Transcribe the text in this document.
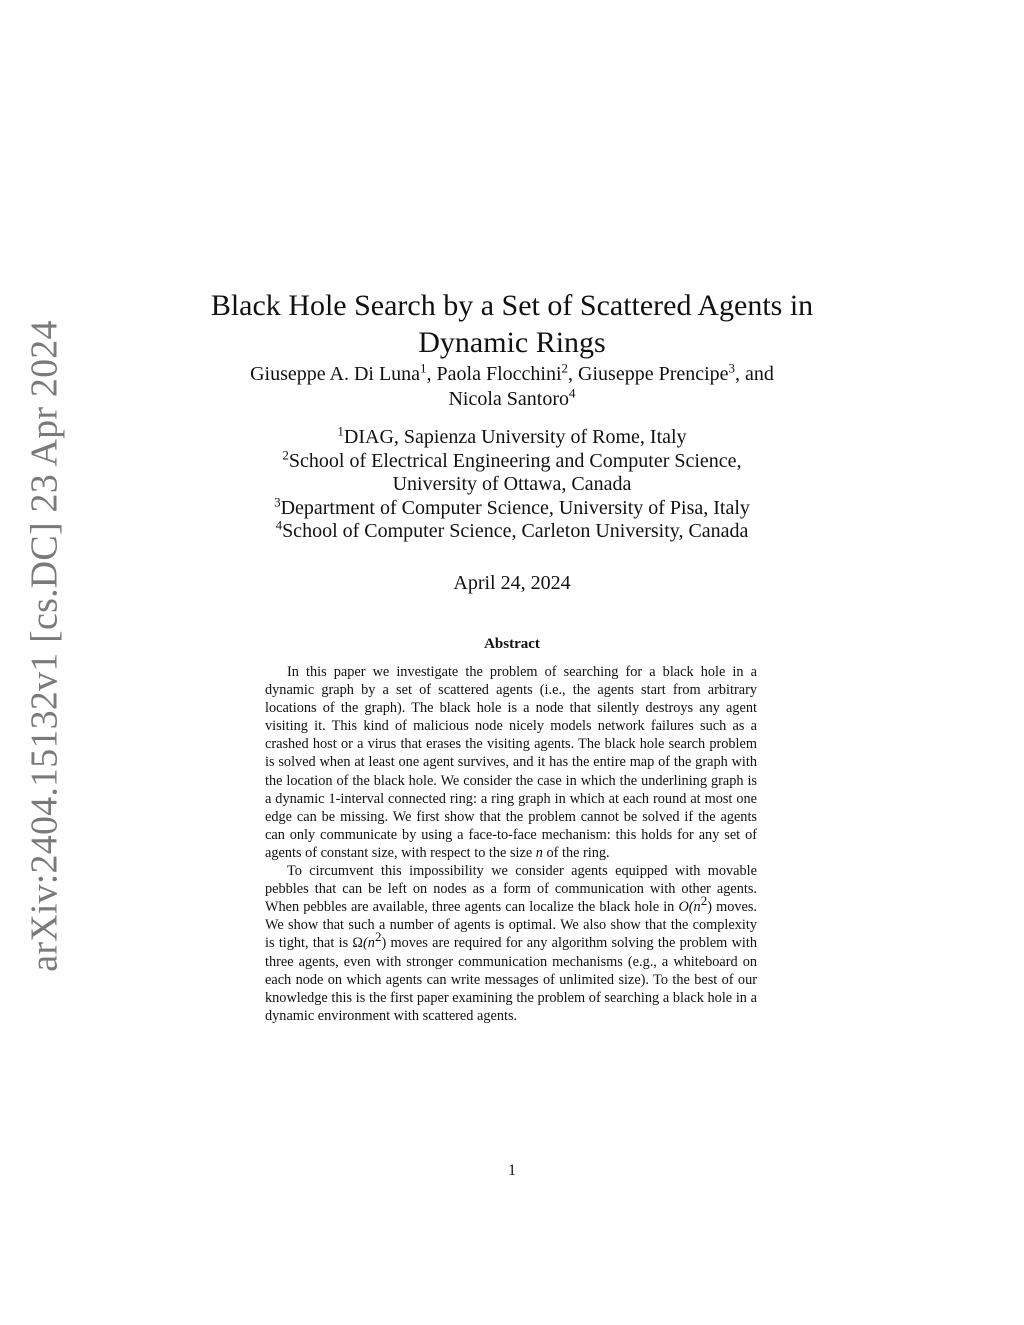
arXiv:2404.15132v1 [cs.DC] 23 Apr 2024
Black Hole Search by a Set of Scattered Agents in
Dynamic Rings
Giuseppe A. Di Luna$^1$, Paola Flocchini$^2$, Giuseppe Prencipe$^3$, and
Nicola Santoro$^4$
$^1$DIAG, Sapienza University of Rome, Italy
$^2$School of Electrical Engineering and Computer Science,
University of Ottawa, Canada
$^3$Department of Computer Science, University of Pisa, Italy
$^4$School of Computer Science, Carleton University, Canada
April 24, 2024
Abstract

In this paper we investigate the problem of searching for a black hole in a dynamic graph by a set of scattered agents (i.e., the agents start from arbitrary locations of the graph). The black hole is a node that silently destroys any agent visiting it. This kind of malicious node nicely models network failures such as a crashed host or a virus that erases the visiting agents. The black hole search problem is solved when at least one agent survives, and it has the entire map of the graph with the location of the black hole. We consider the case in which the underlining graph is a dynamic 1-interval connected ring: a ring graph in which at each round at most one edge can be missing. We first show that the problem cannot be solved if the agents can only communicate by using a face-to-face mechanism: this holds for any set of agents of constant size, with respect to the size n of the ring.

To circumvent this impossibility we consider agents equipped with movable pebbles that can be left on nodes as a form of communication with other agents. When pebbles are available, three agents can localize the black hole in $O(n^2)$ moves. We show that such a number of agents is optimal. We also show that the complexity is tight, that is $\Omega(n^2)$ moves are required for any algorithm solving the problem with three agents, even with stronger communication mechanisms (e.g., a whiteboard on each node on which agents can write messages of unlimited size). To the best of our knowledge this is the first paper examining the problem of searching a black hole in a dynamic environment with scattered agents.

1
